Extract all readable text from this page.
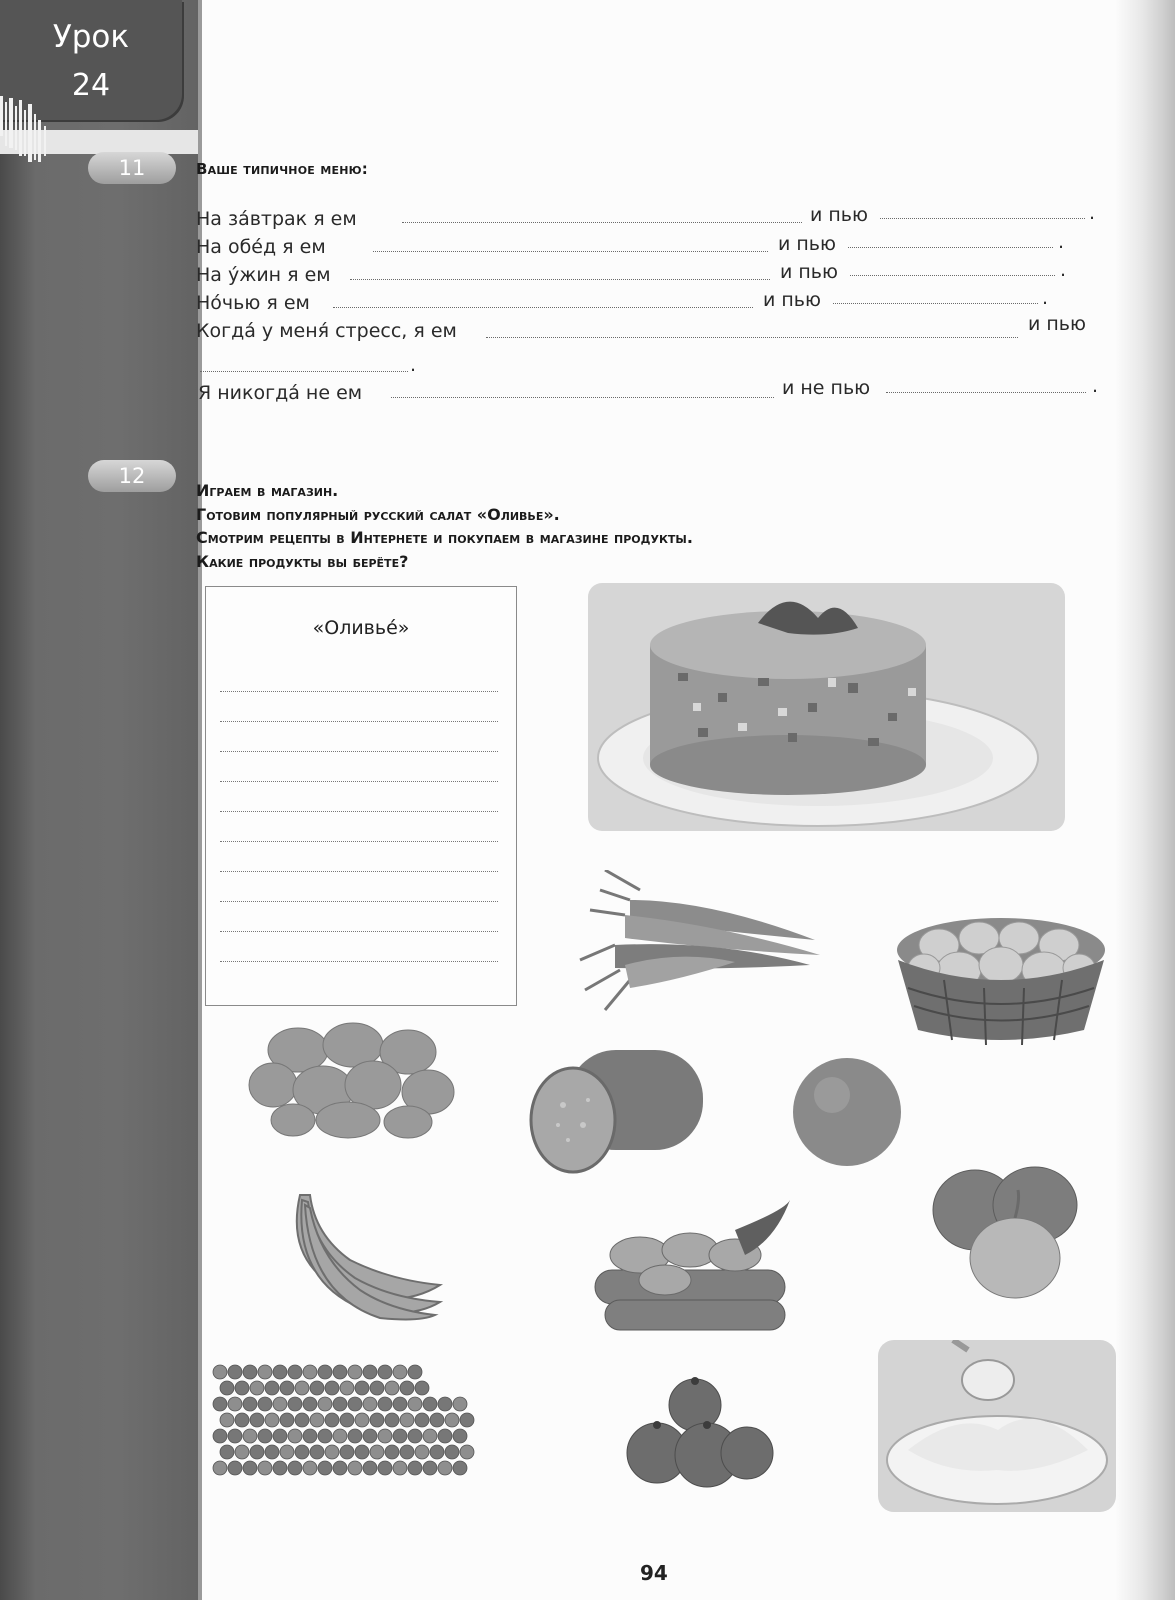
Урок
24
11	Ваше типичное меню:
На за́втрак я ем	и пью	.
На обе́д я ем	и пью	.
На у́жин я ем	и пью	.
Но́чью я ем	и пью	.
Когда́ у меня́ стресс, я ем	и пью
.
Я никогда́ не ем	и не пью	.
12
Играем в магазин.
Готовим популярный русский салат «Оливье».
Смотрим рецепты в Интернете и покупаем в магазине продукты.
Какие продукты вы берёте?
«Оливье́»
94
